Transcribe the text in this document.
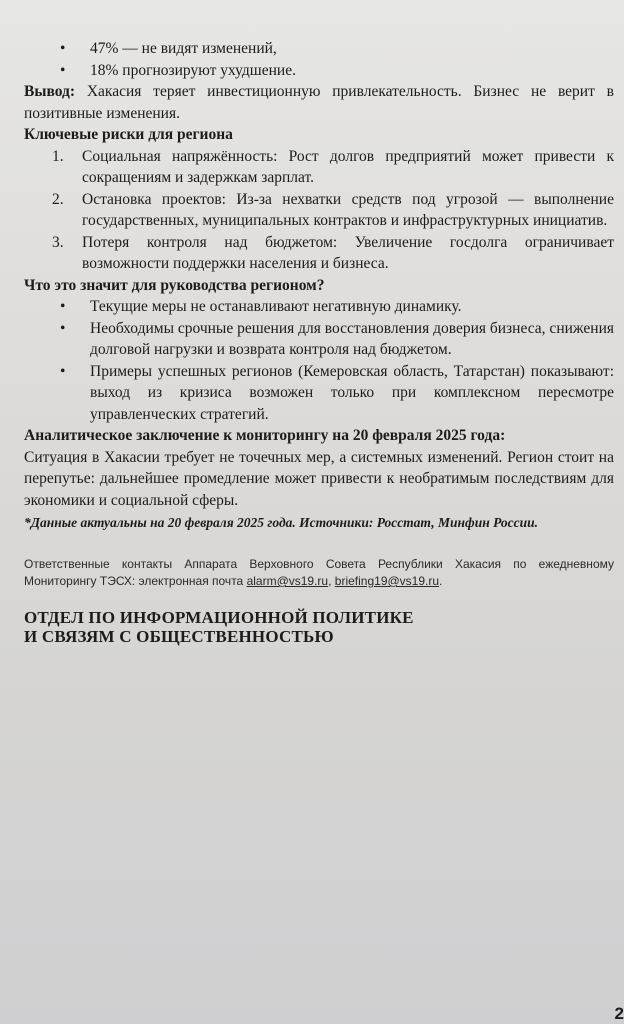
• 47% — не видят изменений,
• 18% прогнозируют ухудшение.

Вывод: Хакасия теряет инвестиционную привлекательность. Бизнес не верит в позитивные изменения.

Ключевые риски для региона

1.	Социальная напряжённость: Рост долгов предприятий может привести к сокращениям и задержкам зарплат.
2.	Остановка проектов: Из-за нехватки средств под угрозой — выполнение государственных, муниципальных контрактов и инфраструктурных инициатив.
3.	Потеря контроля над бюджетом: Увеличение госдолга ограничивает возможности поддержки населения и бизнеса.

Что это значит для руководства регионом?

• Текущие меры не останавливают негативную динамику.
• Необходимы срочные решения для восстановления доверия бизнеса, снижения долговой нагрузки и возврата контроля над бюджетом.
• Примеры успешных регионов (Кемеровская область, Татарстан) показывают: выход из кризиса возможен только при комплексном пересмотре управленческих стратегий.

Аналитическое заключение к мониторингу на 20 февраля 2025 года:

Ситуация в Хакасии требует не точечных мер, а системных изменений. Регион стоит на перепутье: дальнейшее промедление может привести к необратимым последствиям для экономики и социальной сферы.

*Данные актуальны на 20 февраля 2025 года. Источники: Росстат, Минфин России.

Ответственные контакты Аппарата Верховного Совета Республики Хакасия по ежедневному Мониторингу ТЭСХ: электронная почта alarm@vs19.ru, briefing19@vs19.ru.

ОТДЕЛ ПО ИНФОРМАЦИОННОЙ ПОЛИТИКЕ
И СВЯЗЯМ С ОБЩЕСТВЕННОСТЬЮ
2
